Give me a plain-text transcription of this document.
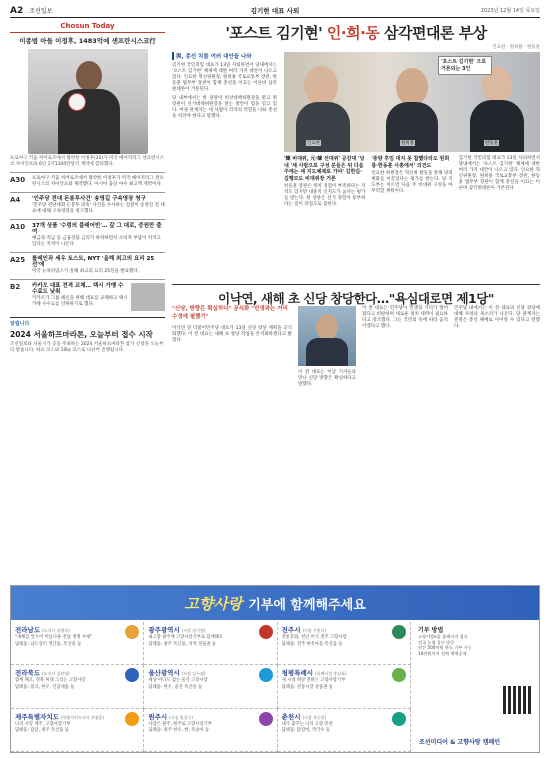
A2 조선일보	김기현 대표 사퇴	2023년 12월 14일 목요일
Chosun Today
이종범 아들 이정후, 1483억에 샌프란시스코行
프로야구 키움 히어로즈에서 활약한 이정후(25)가 미국 메이저리그 샌프란시스코 자이언츠와 6년 1억1300만달러 계약에 합의했다.
A30	프로야구 키움 히어로즈에서 활약한 이정후가 미국 메이저리그 샌프란시스코 자이언츠와 계약했다. 아시아 출신 야수 최고액 계약이다.
A4	'인주당 전대 돈봉투사건' 송영길 구속영장 청구
'민주당 전당대회 돈봉투 의혹' 사건을 수사하는 검찰이 송영길 전 대표에 대해 구속영장을 청구했다.
A10	37개 상품 '수렁의 블래어빈'… 갚 그 대로, 증원만 줄여
예금과 적금 등 금융상품 금리가 하락하면서 소비자 부담이 커지고 있다는 지적이 나온다.
A25	롤레인과 세우 토스트, NYT '올해 최고의 요리 25선'에
미국 뉴욕타임스가 올해 최고의 요리 25선을 발표했다.
B2	카카오 대표 전격 교체… 택시 가맹 수수료도 낮춰
카카오가 그룹 쇄신을 위해 대표를 교체하고 택시 가맹 수수료를 인하하기로 했다.
알립니다
2024 서울하프마라톤, 오늘부터 접수 시작
조선일보와 서울시가 공동 주최하는 2024 서울하프마라톤 참가 신청을 오늘부터 받습니다. 하프 코스와 10㎞ 코스로 나뉘어 진행됩니다.
'포스트 김기현' 인·희·동 삼각편대론 부상
인요한 · 원희룡 · 한동훈
與, 총선 치를 여러 대안들 나와
김기현 국민의힘 대표가 13일 사퇴하면서 당내에서는 '포스트 김기현' 체제에 대한 여러 가지 대안이 나오고 있다. 인요한 혁신위원장, 원희룡 국토교통부 장관, 한동훈 법무부 장관이 함께 총선을 이끄는 이른바 삼각편대론이 거론된다.
당 내부에서는 한 장관이 비상대책위원장을 맡고 원 장관이 선거대책위원장을 맡는 방안이 힘을 얻고 있다. 여권 관계자는 세 사람이 각자의 역할을 나눠 총선을 치러야 한다고 말했다.
'포스트 김기현' 으로 거론되는 3인
인요한	원희룡	한동훈
'韓 비대위, 元·韓 선대위' 공감대 '당내 '세 사람으로 구성 분들은 뒤 다음주에는 세 지도체제로 가야' 김한길·김행모도 비대위장 거론
한동훈 장관은 정치 경험이 부족하다는 지적도 있지만 대중적 인지도가 높다는 평가를 받는다. 원 장관은 선거 경험이 풍부하다는 점이 강점으로 꼽힌다.
'중량 후임 대지 못 참했다라도 원희룡·한동훈 사총에서' 의견도
인요한 위원장은 혁신위 활동을 통해 당의 변화를 이끌었다는 평가를 받는다. 당 지도부는 이르면 다음 주 비대위 구성을 마무리할 계획이다.
김기현 국민의힘 대표가 13일 사퇴하면서 당내에서는 '포스트 김기현' 체제에 대한 여러 가지 대안이 나오고 있다. 인요한 혁신위원장, 원희룡 국토교통부 장관, 한동훈 법무부 장관이 함께 총선을 이끄는 이른바 삼각편대론이 거론된다.
이낙연, 새해 초 신당 창당한다…"욕심대로면 제1당"
"신당, 방향은 확실하다" 공식화 "민생과는 거리 수정에 필했기"
이낙연 전 더불어민주당 대표가 13일 신당 창당 계획을 공식화했다. 이 전 대표는 새해 초 창당 작업을 본격화하겠다고 밝혔다.
이 전 대표는 이날 기자들과 만나 신당 방향은 확실하다고 말했다.
이 전 대표는 민주당이 민생과 거리가 멀어졌다고 비판하며 새로운 정치 세력이 필요하다고 강조했다. 그는 국민의 뜻에 따라 움직이겠다고 했다.
민주당 내에서는 이 전 대표의 신당 창당에 대해 우려의 목소리가 나온다. 당 관계자는 분열은 총선 패배로 이어질 수 있다고 말했다.
고향사랑 기부에 함께해주세요
전라남도 (도지사 김영록)
"새해를 앞두어 이름다운 전남 생명 사세"
답례품: 남도장터 생산품, 특산물 등
광주광역시 (시장 강기정)
내고향 광주에 고향사랑기부로 함께해요
답례품: 광주 특산품, 지역 상품권 등
전주시 (시장 우범기)
전통문화, 천년 미식 전주 고향사랑
답례품: 전주 한옥마을 특산품 등
전라북도 (도지사 김관영)
함께 해요, 전북 미래 그리는 고향사랑
답례품: 잡곡, 한우, 인삼제품 등
울산광역시 (시장 김두겸)
세상 어디도 없는 울산 고향사랑
답례품: 한우, 울산 특산물 등
청평특례시 (특례시장 홍남표)
새 시대 희망 전하는 고향사랑기부
답례품: 전통시장 상품권 등
제주특별자치도 (특별자치도지사 오영훈)
나의 사랑 제주, 고향사랑기부
답례품: 감귤, 제주 특산품 등
원주시 (시장 원강수)
사랑은 원주, 원주로 고향사랑기부
답례품: 원주 한우, 쌀, 복숭아 등
춘천시 (시장 육동한)
내가 꿈꾸는 나의 고향 춘천
답례품: 닭갈비, 막국수 등
기부 방법
고향사랑e음 홈페이지 접속
전국 농협 창구 방문
연간 500만원 한도 기부 가능
10만원까지 전액 세액공제
조선미디어 & 고향사랑 캠페인
